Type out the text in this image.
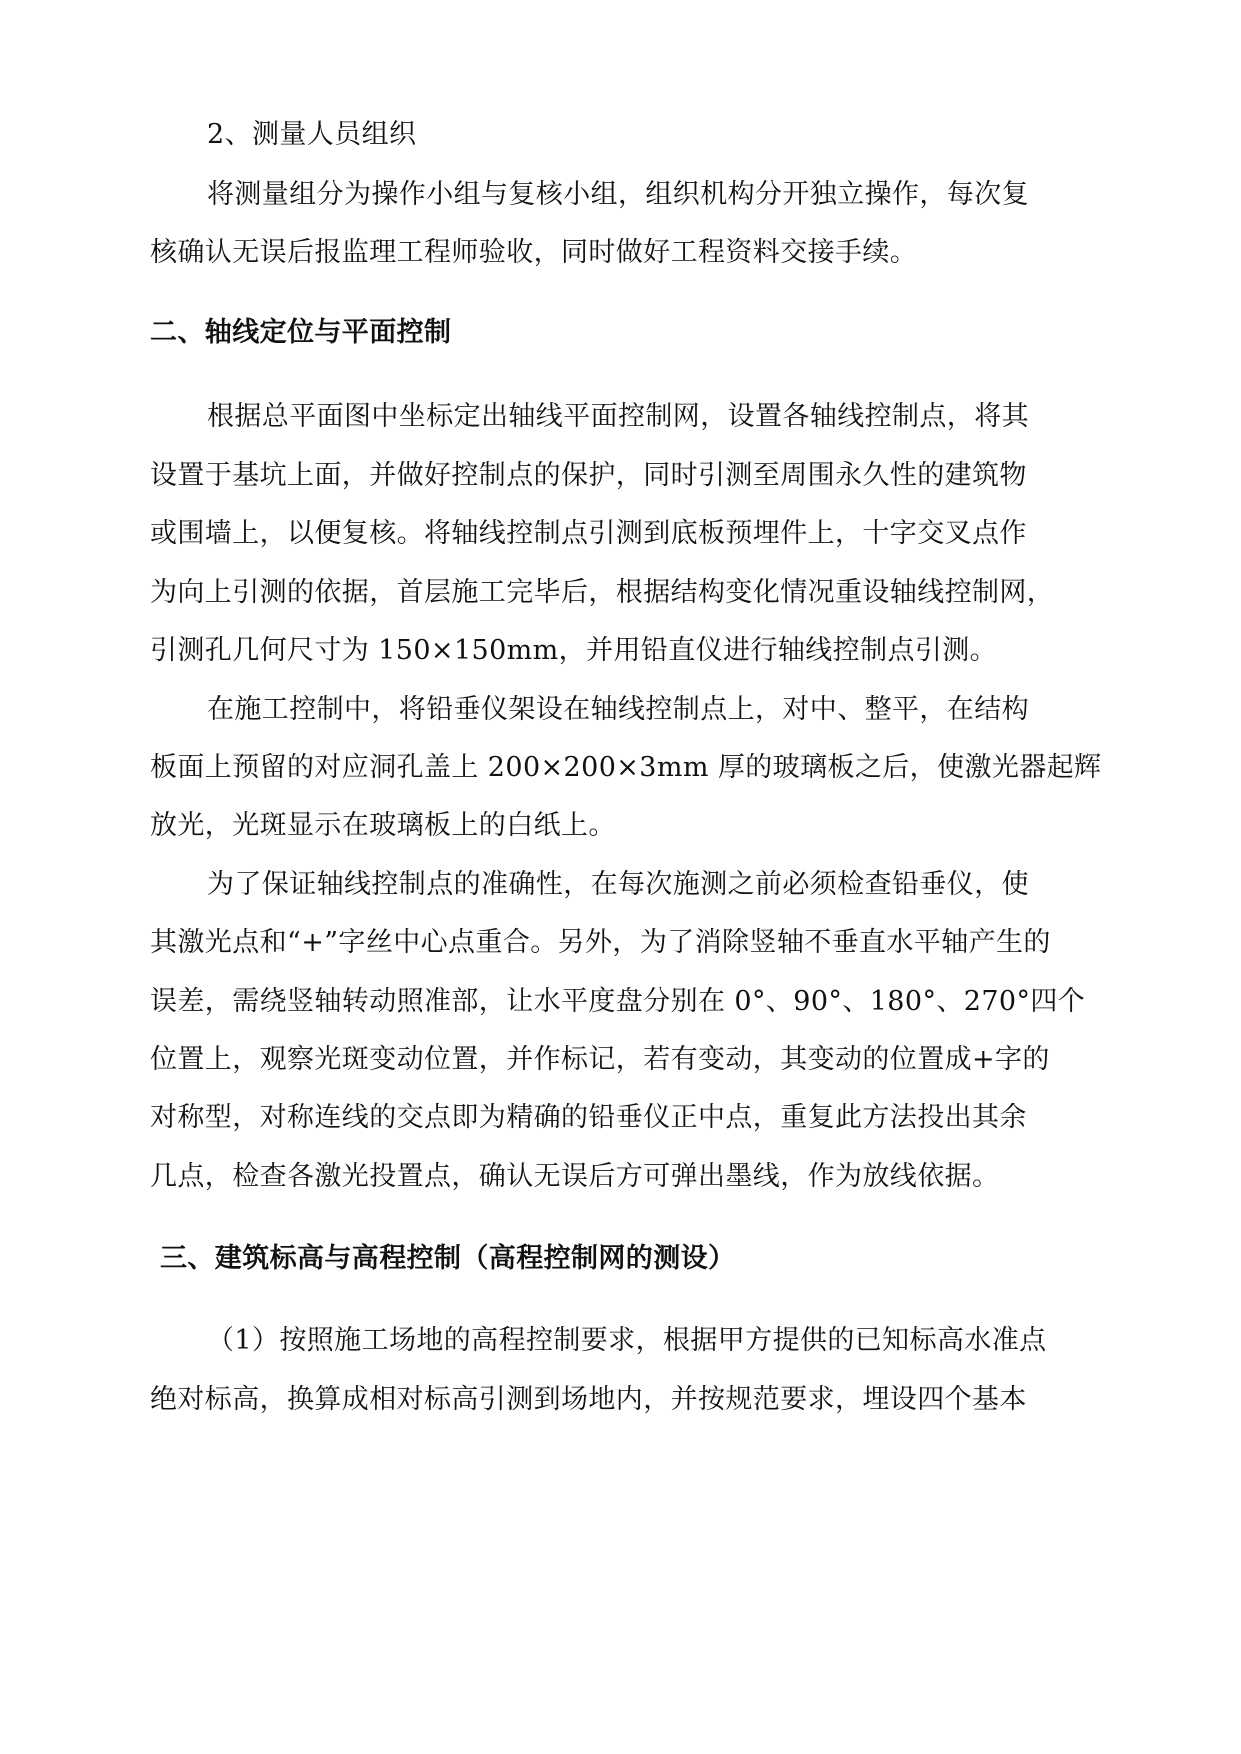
2、测量人员组织
将测量组分为操作小组与复核小组，组织机构分开独立操作，每次复
核确认无误后报监理工程师验收，同时做好工程资料交接手续。
二、轴线定位与平面控制
根据总平面图中坐标定出轴线平面控制网，设置各轴线控制点，将其
设置于基坑上面，并做好控制点的保护，同时引测至周围永久性的建筑物
或围墙上，以便复核。将轴线控制点引测到底板预埋件上，十字交叉点作
为向上引测的依据，首层施工完毕后，根据结构变化情况重设轴线控制网，
引测孔几何尺寸为 150×150mm，并用铅直仪进行轴线控制点引测。
在施工控制中，将铅垂仪架设在轴线控制点上，对中、整平，在结构
板面上预留的对应洞孔盖上 200×200×3mm 厚的玻璃板之后，使激光器起辉
放光，光斑显示在玻璃板上的白纸上。
为了保证轴线控制点的准确性，在每次施测之前必须检查铅垂仪，使
其激光点和“+”字丝中心点重合。另外，为了消除竖轴不垂直水平轴产生的
误差，需绕竖轴转动照准部，让水平度盘分别在 0°、90°、180°、270°四个
位置上，观察光斑变动位置，并作标记，若有变动，其变动的位置成+字的
对称型，对称连线的交点即为精确的铅垂仪正中点，重复此方法投出其余
几点，检查各激光投置点，确认无误后方可弹出墨线，作为放线依据。
三、建筑标高与高程控制（高程控制网的测设）
（1）按照施工场地的高程控制要求，根据甲方提供的已知标高水准点
绝对标高，换算成相对标高引测到场地内，并按规范要求，埋设四个基本
